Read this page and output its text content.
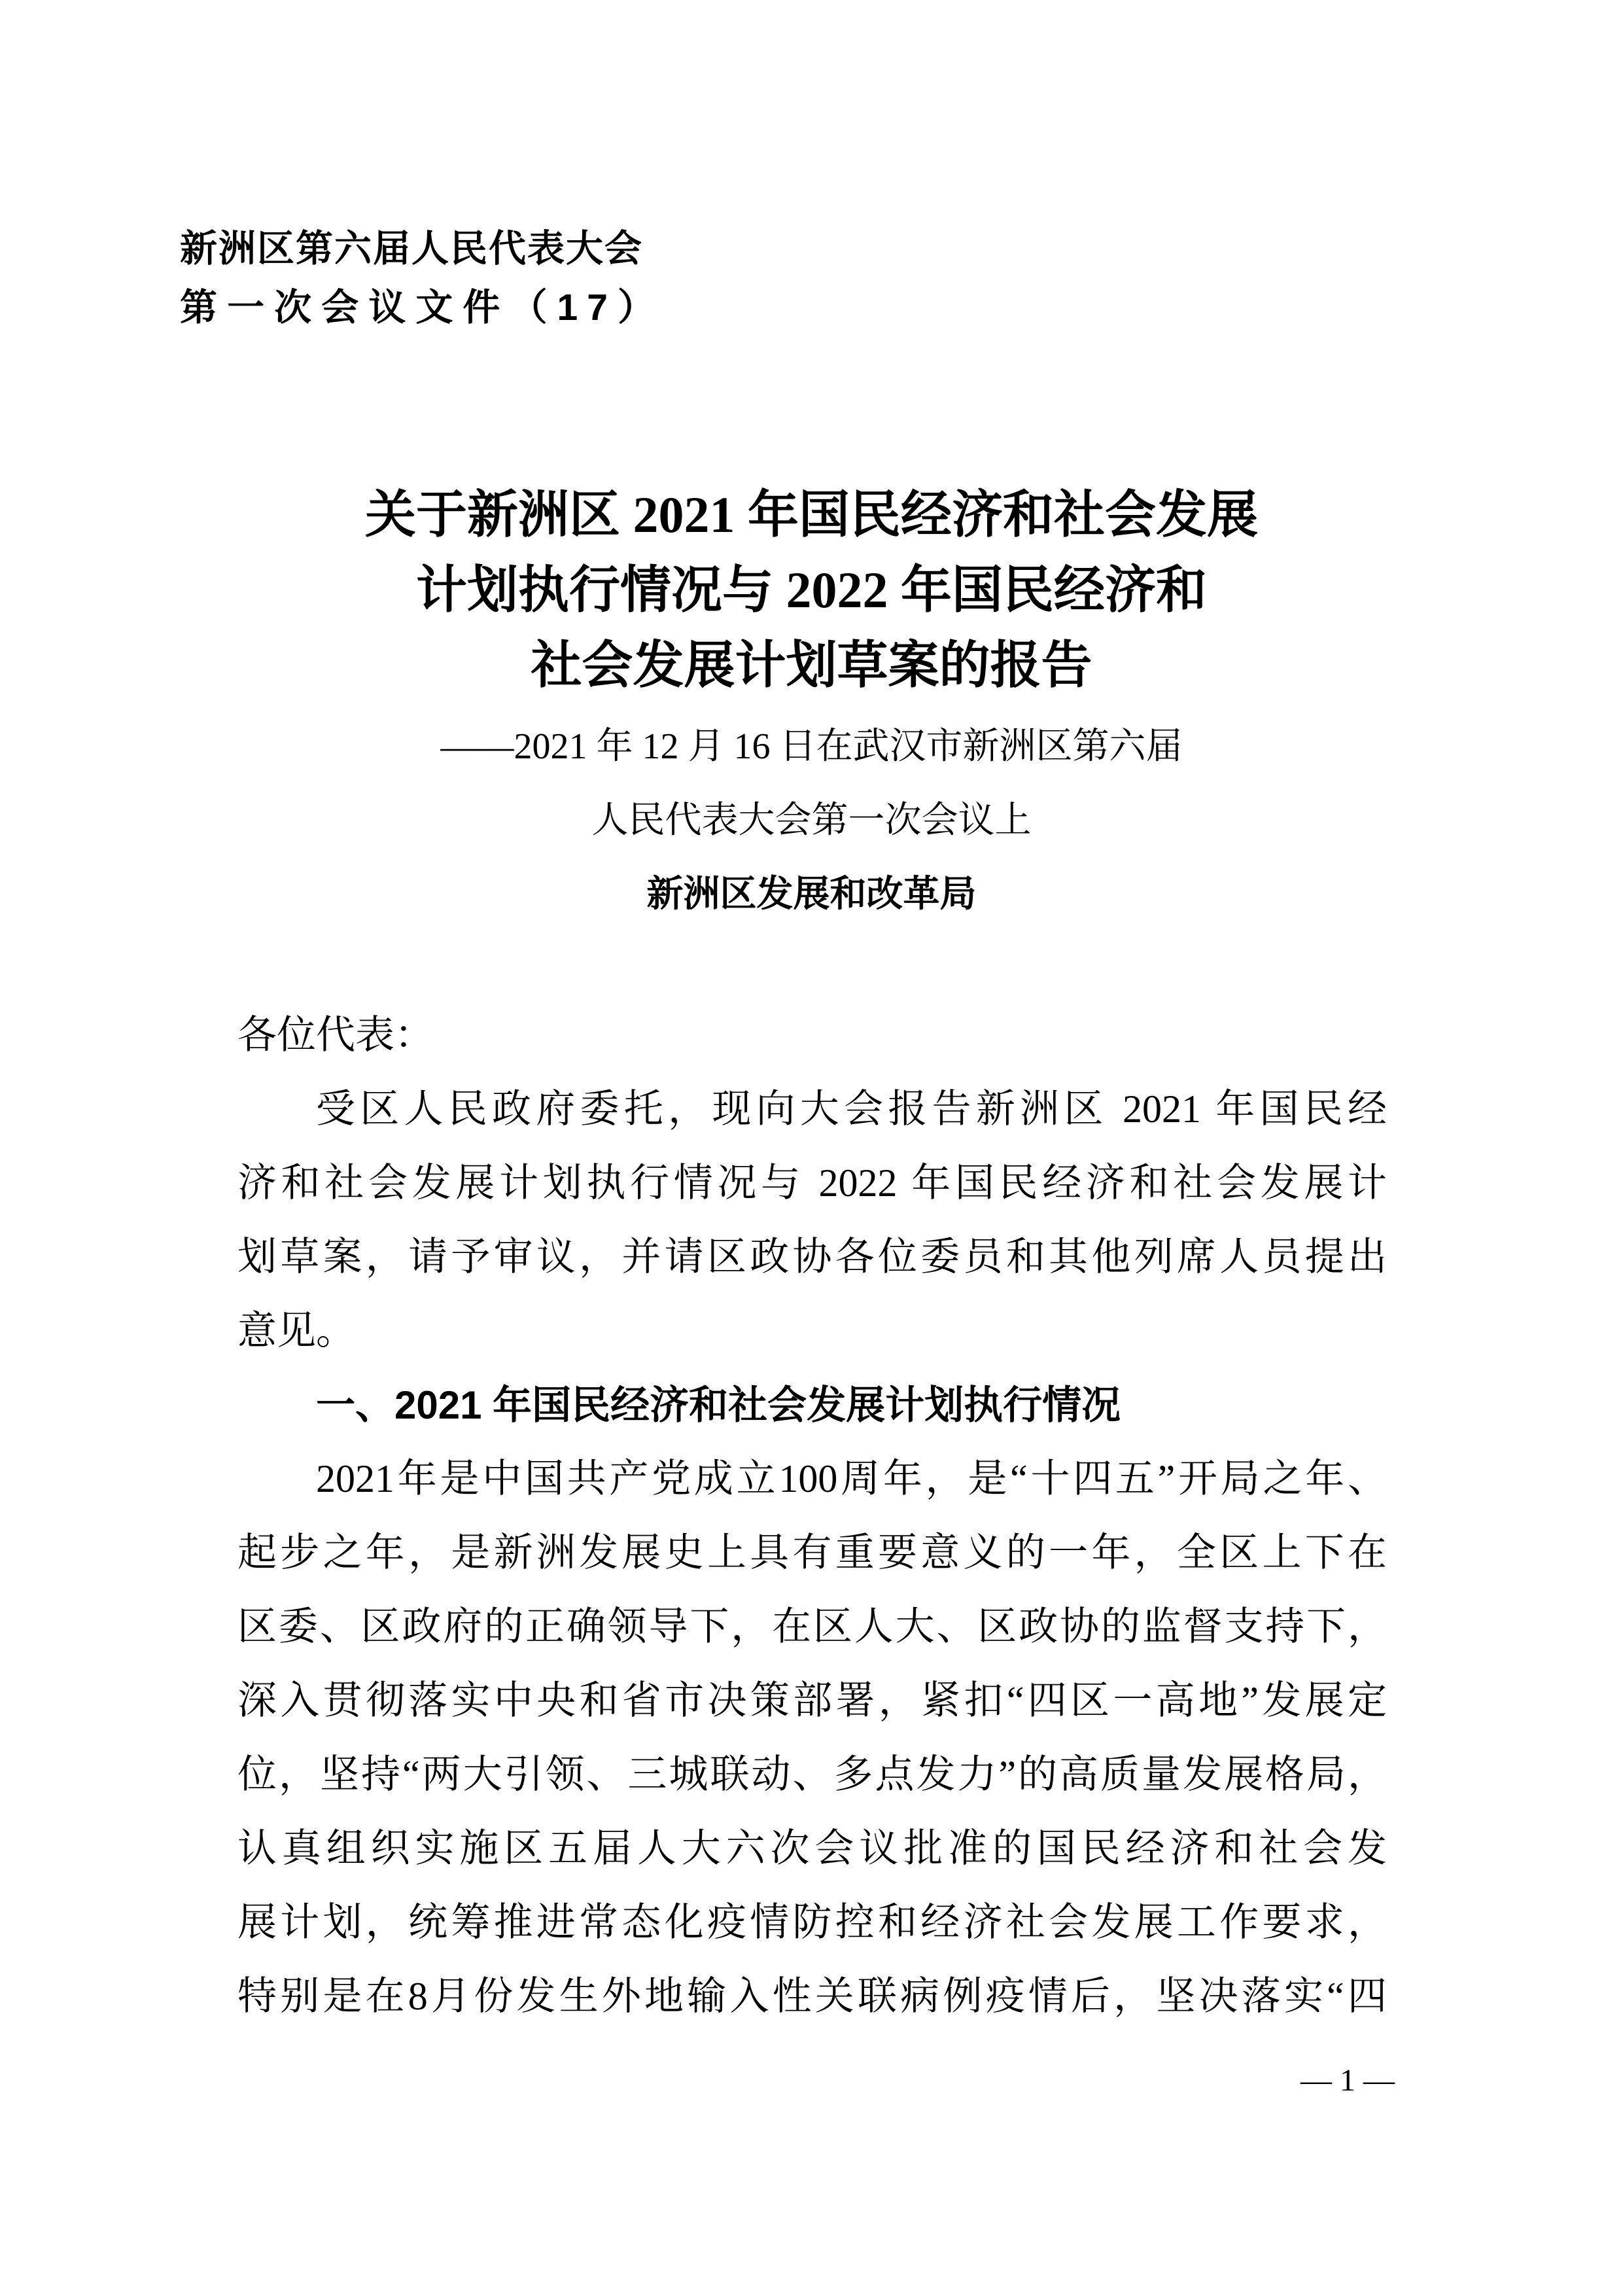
新洲区第六届人民代表大会
第一次会议文件（17）
关于新洲区 2021 年国民经济和社会发展
计划执行情况与 2022 年国民经济和
社会发展计划草案的报告
——2021 年 12 月 16 日在武汉市新洲区第六届
人民代表大会第一次会议上
新洲区发展和改革局
各位代表：
受区人民政府委托，现向大会报告新洲区 2021 年国民经
济和社会发展计划执行情况与 2022 年国民经济和社会发展计
划草案，请予审议，并请区政协各位委员和其他列席人员提出
意见。
一、2021 年国民经济和社会发展计划执行情况
2021年是中国共产党成立100周年，是“十四五”开局之年、
起步之年，是新洲发展史上具有重要意义的一年，全区上下在
区委、区政府的正确领导下，在区人大、区政协的监督支持下，
深入贯彻落实中央和省市决策部署，紧扣“四区一高地”发展定
位，坚持“两大引领、三城联动、多点发力”的高质量发展格局，
认真组织实施区五届人大六次会议批准的国民经济和社会发
展计划，统筹推进常态化疫情防控和经济社会发展工作要求，
特别是在8月份发生外地输入性关联病例疫情后，坚决落实“四
— 1 —
